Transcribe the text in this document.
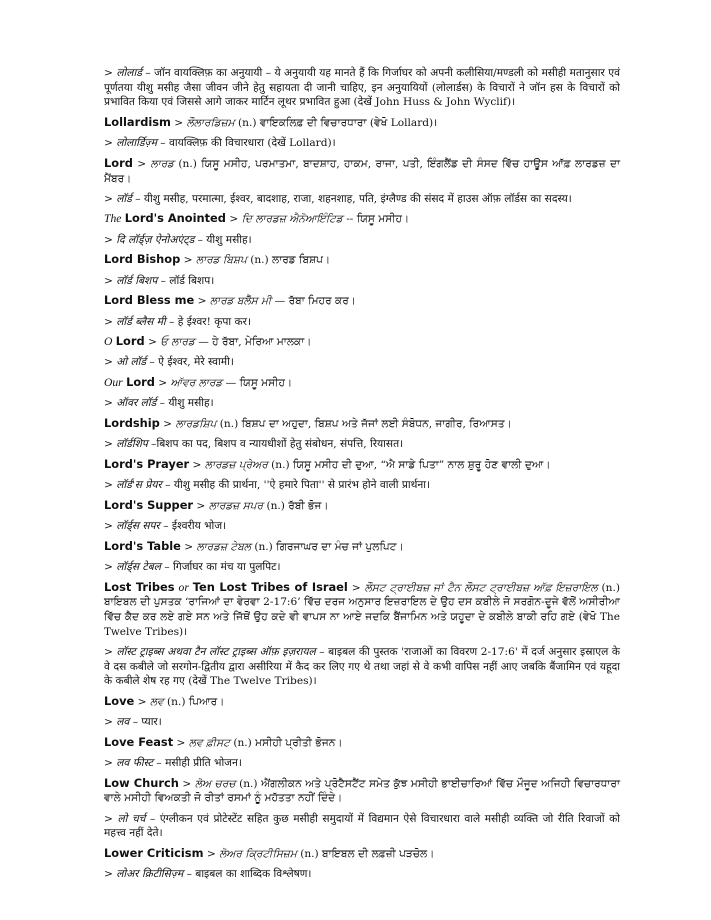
> लोलार्ड – जॉन वायक्लिफ़ का अनुयायी – ये अनुयायी यह मानते हैं कि गिर्जाघर को अपनी कलीसिया/मण्डली को मसीही मतानुसार एवं पूर्णतया यीशु मसीह जैसा जीवन जीने हेतु सहायता दी जानी चाहिए, इन अनुयायियों (लोलार्डस) के विचारों ने जॉन हस के विचारों को प्रभावित किया एवं जिससे आगे जाकर मार्टिन लूथर प्रभावित हुआ (देखें John Huss & John Wyclif)।

Lollardism > ਲੌਲਾਰਡਿਜ਼ਮ (n.) ਵਾਇਕਲਿਫ਼ ਦੀ ਵਿਚਾਰਧਾਰਾ (ਵੇਖੋ Lollard)।

> लोलार्डिज़्म – वायक्लिफ़ की विचारधारा (देखें Lollard)।

Lord > ਲਾਰਡ (n.) ਯਿਸੂ ਮਸੀਹ, ਪਰਮਾਤਮਾ, ਬਾਦਸ਼ਾਹ, ਹਾਕਮ, ਰਾਜਾ, ਪਤੀ, ਇੰਗਲੈਂਡ ਦੀ ਸੰਸਦ ਵਿੱਚ ਹਾਊਸ ਆੱਫ਼ ਲਾਰਡਜ਼ ਦਾ ਮੈਂਬਰ।

> लॉर्ड – यीशु मसीह, परमात्मा, ईश्वर, बादशाह, राजा, शहनशाह, पति, इंग्लैण्ड की संसद में हाउस ऑफ़ लॉर्डस का सदस्य।

The Lord's Anointed > ਦਿ ਲਾਰਡਜ਼ ਐਨੋਆਇੰਟਿਡ -- ਯਿਸੂ ਮਸੀਹ।

> दि लॉर्ड्ज़ ऐनोअएंट्ड – यीशु मसीह।

Lord Bishop > ਲਾਰਡ ਬਿਸ਼ਪ (n.) ਲਾਰਡ ਬਿਸ਼ਪ।

> लॉर्ड बिशप – लॉर्ड बिशप।

Lord Bless me > ਲਾਰਡ ਬਲੈੱਸ ਮੀ — ਰੱਬਾ ਮਿਹਰ ਕਰ।

> लॉर्ड ब्लैस मी – हे ईश्वर! कृपा कर।

O Lord > ਓ ਲਾਰਡ — ਹੇ ਰੱਬਾ, ਮੇਰਿਆ ਮਾਲਕਾ।

> ओ लॉर्ड – ऐ ईश्वर, मेरे स्वामी।

Our Lord > ਆੱਵਰ ਲਾਰਡ — ਯਿਸੂ ਮਸੀਹ।

> ऑवर लॉर्ड – यीशु मसीह।

Lordship > ਲਾਰਡਸ਼ਿਪ (n.) ਬਿਸ਼ਪ ਦਾ ਅਹੁਦਾ, ਬਿਸ਼ਪ ਅਤੇ ਜੱਜਾਂ ਲਈ ਸੰਬੋਧਨ, ਜਾਗੀਰ, ਰਿਆਸਤ।

> लॉर्डशिप –बिशप का पद, बिशप व न्यायधीशों हेतु संबोधन, संपत्ति, रियासत।

Lord's Prayer > ਲਾਰਡਜ਼ ਪ੍ਰੇਅਰ (n.) ਯਿਸੂ ਮਸੀਹ ਦੀ ਦੁਆ, “ਐ ਸਾਡੇ ਪਿਤਾ” ਨਾਲ ਸ਼ੁਰੂ ਹੋਣ ਵਾਲੀ ਦੁਆ।

> लॉर्ड'स प्रेयर – यीशु मसीह की प्रार्थना, ''ऐ हमारे पिता'' से प्रारंभ होने वाली प्रार्थना।

Lord's Supper > ਲਾਰਡਜ਼ ਸਪਰ (n.) ਰੱਬੀ ਭੋਜ।

> लॉर्ड्स सपर – ईश्वरीय भोज।

Lord's Table > ਲਾਰਡਜ਼ ਟੇਬਲ (n.) ਗਿਰਜਾਘਰ ਦਾ ਮੰਚ ਜਾਂ ਪੁਲਪਿਟ।

> लॉर्ड्स टेबल – गिर्जाघर का मंच या पुलपिट।

Lost Tribes or Ten Lost Tribes of Israel > ਲੌਸਟ ਟ੍ਰਾਈਬਜ਼ ਜਾਂ ਟੈਨ ਲੌਸਟ ਟ੍ਰਾਈਬਜ਼ ਆੱਫ਼ ਇਜ਼ਰਾਇਲ (n.) ਬਾਇਬਲ ਦੀ ਪੁਸਤਕ ‘ਰਾਜਿਆਂ ਦਾ ਵੇਰਵਾ 2-17:6’ ਵਿੱਚ ਦਰਜ ਅਨੁਸਾਰ ਇਜ਼ਰਾਇਲ ਦੇ ਉਹ ਦਸ ਕਬੀਲੇ ਜੋ ਸਰਗੋਨ-ਦੂਜੇ ਵੱਲੋਂ ਅਸੀਰੀਆ ਵਿੱਚ ਕੈਦ ਕਰ ਲਏ ਗਏ ਸਨ ਅਤੇ ਜਿੱਥੋਂ ਉਹ ਕਦੇ ਵੀ ਵਾਪਸ ਨਾ ਆਏ ਜਦਕਿ ਬੈਂਜਾਮਿਨ ਅਤੇ ਯਹੂਦਾ ਦੇ ਕਬੀਲੇ ਬਾਕੀ ਰਹਿ ਗਏ (ਵੇਖੋ The Twelve Tribes)।

> लॉस्ट ट्राइब्स अथवा टैन लॉस्ट ट्राइब्स ऑफ़ इज़रायल – बाइबल की पुस्तक 'राजाओं का विवरण 2-17:6' में दर्ज अनुसार इस्राएल के वे दस कबीले जो सरगोन-द्वितीय द्वारा असीरिया में कैद कर लिए गए थे तथा जहां से वे कभी वापिस नहीं आए जबकि बैंजामिन एवं यहूदा के कबीले शेष रह गए (देखें The Twelve Tribes)।

Love > ਲਵ (n.) ਪਿਆਰ।

> लव – प्यार।

Love Feast > ਲਵ ਫ਼ੀਸਟ (n.) ਮਸੀਹੀ ਪ੍ਰੀਤੀ ਭੋਜਨ।

> लव फीस्ट – मसीही प्रीति भोजन।

Low Church > ਲੋਅ ਚਰਚ (n.) ਐਂਗਲੀਕਨ ਅਤੇ ਪ੍ਰੋਟੈਸਟੈਂਟ ਸਮੇਤ ਕੁੱਝ ਮਸੀਹੀ ਭਾਈਚਾਰਿਆਂ ਵਿੱਚ ਮੌਜੂਦ ਅਜਿਹੀ ਵਿਚਾਰਧਾਰਾ ਵਾਲੇ ਮਸੀਹੀ ਵਿਅਕਤੀ ਜੋ ਰੀਤਾਂ ਰਸਮਾਂ ਨੂੰ ਮਹੱਤਤਾ ਨਹੀਂ ਦਿੰਦੇ।

> लो चर्च – एंग्लीकन एवं प्रोटेस्टेंट सहित कुछ मसीही समुदायों में विद्यमान ऐसे विचारधारा वाले मसीही व्यक्ति जो रीति रिवाजों को महत्त्व नहीं देते।

Lower Criticism > ਲੋਅਰ ਕ੍ਰਿਟੀਸਿਜ਼ਮ (n.) ਬਾਇਬਲ ਦੀ ਲਫ਼ਜ਼ੀ ਪੜਚੋਲ।

> लोअर क्रिटीसिज़्म – बाइबल का शाब्दिक विश्लेषण।
